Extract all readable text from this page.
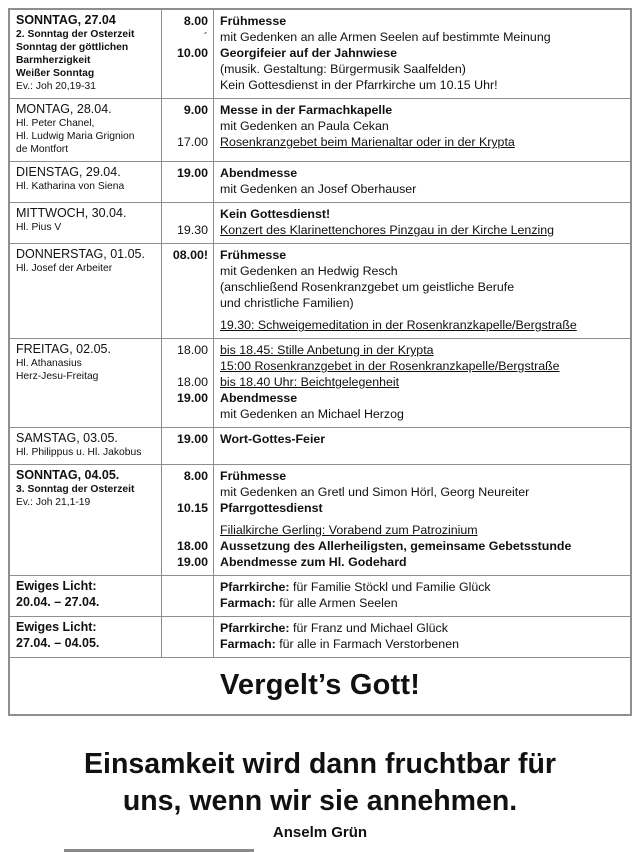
SONNTAG, 27.04
2. Sonntag der Osterzeit
Sonntag der göttlichen
Barmherzigkeit
Weißer Sonntag
Ev.: Joh 20,19-31
8.00
´
10.00
Frühmesse
mit Gedenken an alle Armen Seelen auf bestimmte Meinung
Georgifeier auf der Jahnwiese
(musik. Gestaltung: Bürgermusik Saalfelden)
Kein Gottesdienst in der Pfarrkirche um 10.15 Uhr!
MONTAG, 28.04.
Hl. Peter Chanel,
Hl. Ludwig Maria Grignion
de Montfort
9.00
17.00
Messe in der Farmachkapelle
mit Gedenken an Paula Cekan
Rosenkranzgebet beim Marienaltar oder in der Krypta
DIENSTAG, 29.04.
Hl. Katharina von Siena
19.00 Abendmesse
mit Gedenken an Josef Oberhauser
MITTWOCH, 30.04.
Hl. Pius V	19.30
Kein Gottesdienst!
Konzert des Klarinettenchores Pinzgau in der Kirche Lenzing
DONNERSTAG, 01.05.
Hl. Josef der Arbeiter
08.00! Frühmesse
mit Gedenken an Hedwig Resch
(anschließend Rosenkranzgebet um geistliche Berufe
und christliche Familien)
19.30: Schweigemeditation in der Rosenkranzkapelle/Bergstraße
FREITAG, 02.05.
Hl. Athanasius
Herz-Jesu-Freitag
18.00
18.00
19.00
bis 18.45: Stille Anbetung in der Krypta
15:00 Rosenkranzgebet in der Rosenkranzkapelle/Bergstraße
bis 18.40 Uhr: Beichtgelegenheit
Abendmesse
mit Gedenken an Michael Herzog
SAMSTAG, 03.05.
Hl. Philippus u. Hl. Jakobus
19.00 Wort-Gottes-Feier
SONNTAG, 04.05.
3. Sonntag der Osterzeit
Ev.: Joh 21,1-19
8.00
10.15
18.00
19.00
Frühmesse
mit Gedenken an Gretl und Simon Hörl, Georg Neureiter
Pfarrgottesdienst
Filialkirche Gerling: Vorabend zum Patrozinium
Aussetzung des Allerheiligsten, gemeinsame Gebetsstunde
Abendmesse zum Hl. Godehard
Ewiges Licht:
20.04. – 27.04.
Pfarrkirche: für Familie Stöckl und Familie Glück
Farmach: für alle Armen Seelen
Ewiges Licht:
27.04. – 04.05.
Pfarrkirche: für Franz und Michael Glück
Farmach: für alle in Farmach Verstorbenen
Vergelt’s Gott!
Einsamkeit wird dann fruchtbar für
uns, wenn wir sie annehmen.
Anselm Grün
